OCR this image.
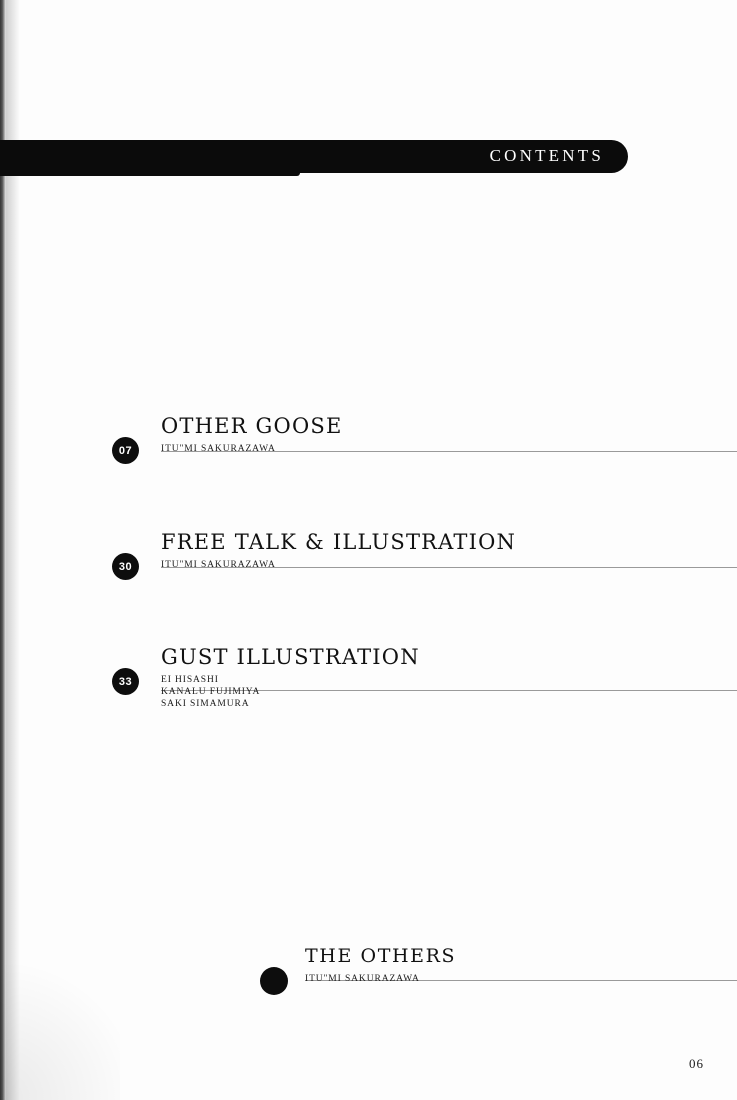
CONTENTS
07
OTHER GOOSE
ITU"MI SAKURAZAWA
30
FREE TALK & ILLUSTRATION
ITU"MI SAKURAZAWA
33
GUST ILLUSTRATION
EI HISASHI
KANALU FUJIMIYA
SAKI SIMAMURA
THE OTHERS
ITU"MI SAKURAZAWA
06
